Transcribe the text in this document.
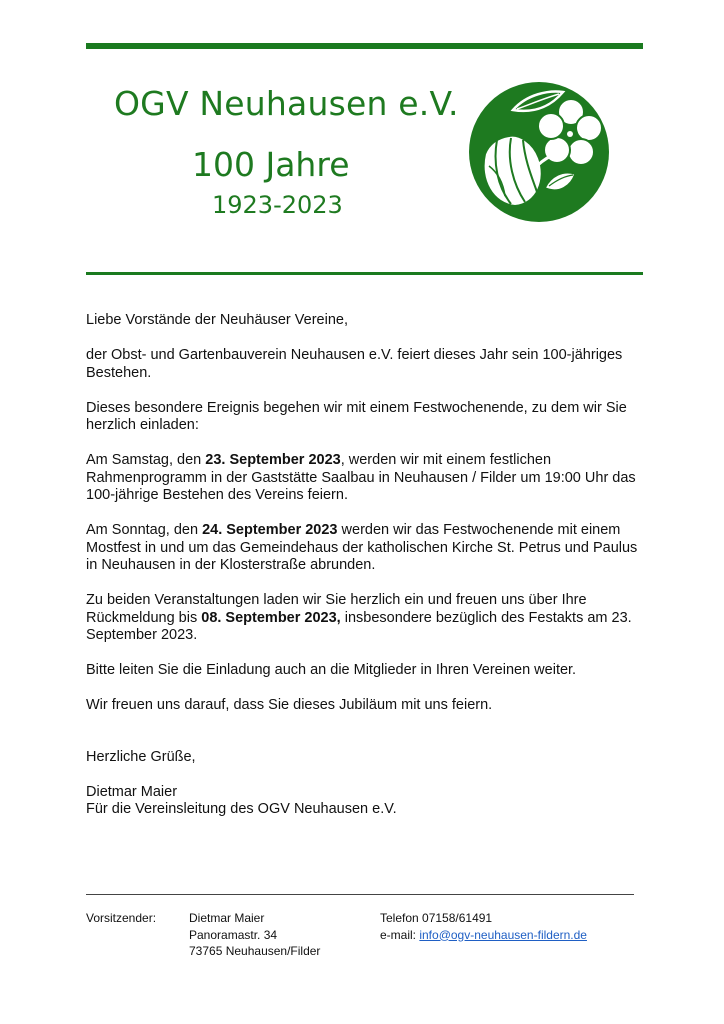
OGV Neuhausen e.V.
100 Jahre
1923-2023

Liebe Vorstände der Neuhäuser Vereine,

der Obst- und Gartenbauverein Neuhausen e.V. feiert dieses Jahr sein 100-jähriges Bestehen.

Dieses besondere Ereignis begehen wir mit einem Festwochenende, zu dem wir Sie herzlich einladen:

Am Samstag, den 23. September 2023, werden wir mit einem festlichen Rahmenprogramm in der Gaststätte Saalbau in Neuhausen / Filder um 19:00 Uhr das 100-jährige Bestehen des Vereins feiern.

Am Sonntag, den 24. September 2023 werden wir das Festwochenende mit einem Mostfest in und um das Gemeindehaus der katholischen Kirche St. Petrus und Paulus in Neuhausen in der Klosterstraße abrunden.

Zu beiden Veranstaltungen laden wir Sie herzlich ein und freuen uns über Ihre Rückmeldung bis 08. September 2023, insbesondere bezüglich des Festakts am 23. September 2023.

Bitte leiten Sie die Einladung auch an die Mitglieder in Ihren Vereinen weiter.

Wir freuen uns darauf, dass Sie dieses Jubiläum mit uns feiern.

Herzliche Grüße,

Dietmar Maier

Für die Vereinsleitung des OGV Neuhausen e.V.

Vorsitzender:	Dietmar Maier
Panoramastr. 34
73765 Neuhausen/Filder
Telefon 07158/61491
e-mail: info@ogv-neuhausen-fildern.de
